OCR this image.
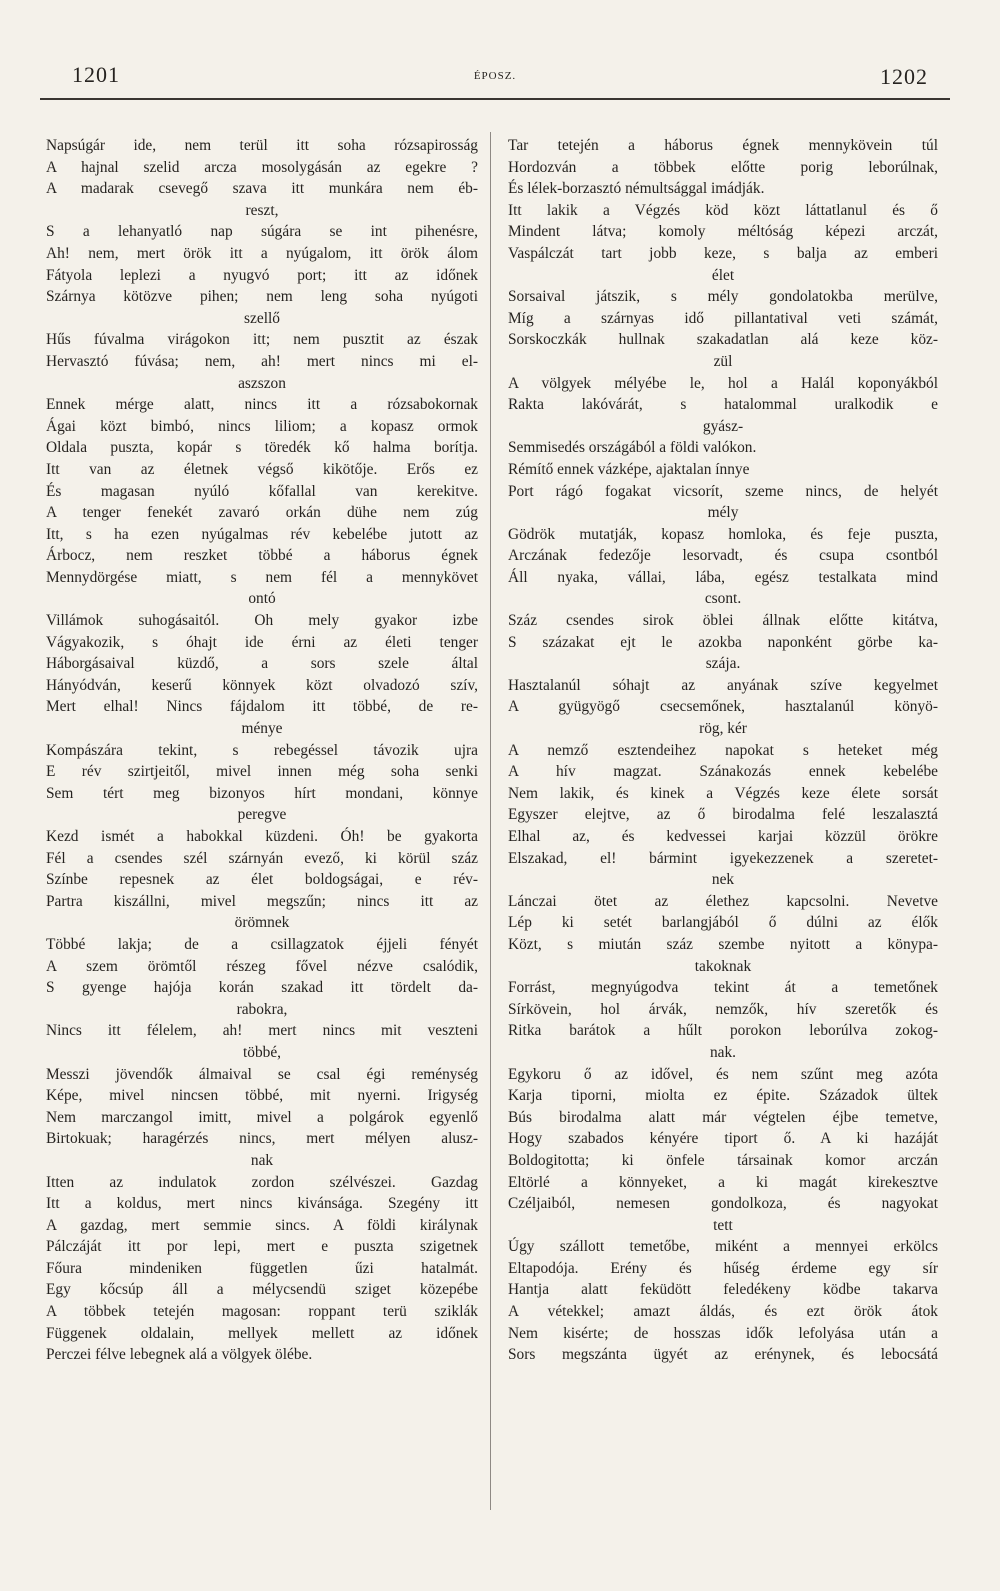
1201	ÉPOSZ.	1202
Napsúgár ide, nem terül itt soha rózsapirosság
A hajnal szelid arcza mosolygásán az egekre ?
A madarak csevegő szava itt munkára nem éb-
reszt,
S a lehanyatló nap súgára se int pihenésre,
Ah! nem, mert örök itt a nyúgalom, itt örök álom
Fátyola leplezi a nyugvó port; itt az időnek
Szárnya kötözve pihen; nem leng soha nyúgoti
szellő
Hűs fúvalma virágokon itt; nem pusztit az észak
Hervasztó fúvása; nem, ah! mert nincs mi el-
aszszon
Ennek mérge alatt, nincs itt a rózsabokornak
Ágai közt bimbó, nincs liliom; a kopasz ormok
Oldala puszta, kopár s töredék kő halma borítja.
Itt van az életnek végső kikötője. Erős ez
És magasan nyúló kőfallal van kerekitve.
A tenger fenekét zavaró orkán dühe nem zúg
Itt, s ha ezen nyúgalmas rév kebelébe jutott az
Árbocz, nem reszket többé a háborus égnek
Mennydörgése miatt, s nem fél a mennykövet
ontó
Villámok suhogásaitól. Oh mely gyakor izbe
Vágyakozik, s óhajt ide érni az életi tenger
Háborgásaival küzdő, a sors szele által
Hányódván, keserű könnyek közt olvadozó szív,
Mert elhal! Nincs fájdalom itt többé, de re-
ménye
Kompászára tekint, s rebegéssel távozik ujra
E rév szirtjeitől, mivel innen még soha senki
Sem tért meg bizonyos hírt mondani, könnye
peregve
Kezd ismét a habokkal küzdeni. Óh! be gyakorta
Fél a csendes szél szárnyán evező, ki körül száz
Színbe repesnek az élet boldogságai, e rév-
Partra kiszállni, mivel megszűn; nincs itt az
örömnek
Többé lakja; de a csillagzatok éjjeli fényét
A szem örömtől részeg fővel nézve csalódik,
S gyenge hajója korán szakad itt tördelt da-
rabokra,
Nincs itt félelem, ah! mert nincs mit veszteni
többé,
Messzi jövendők álmaival se csal égi reménység
Képe, mivel nincsen többé, mit nyerni. Irigység
Nem marczangol imitt, mivel a polgárok egyenlő
Birtokuak; haragérzés nincs, mert mélyen alusz-
nak
Itten az indulatok zordon szélvészei. Gazdag
Itt a koldus, mert nincs kivánsága. Szegény itt
A gazdag, mert semmie sincs. A földi királynak
Pálczáját itt por lepi, mert e puszta szigetnek
Főura mindeniken független űzi hatalmát.
Egy kőcsúp áll a mélycsendü sziget közepébe
A többek tetején magosan: roppant terü sziklák
Függenek oldalain, mellyek mellett az időnek
Perczei félve lebegnek alá a völgyek ölébe.
Tar tetején a háborus égnek mennykövein túl
Hordozván a többek előtte porig leborúlnak,
És lélek-borzasztó némultsággal imádják.
Itt lakik a Végzés köd közt láttatlanul és ő
Mindent látva; komoly méltóság képezi arczát,
Vaspálczát tart jobb keze, s balja az emberi
élet
Sorsaival játszik, s mély gondolatokba merülve,
Míg a szárnyas idő pillantatival veti számát,
Sorskoczkák hullnak szakadatlan alá keze köz-
zül
A völgyek mélyébe le, hol a Halál koponyákból
Rakta lakóvárát, s hatalommal uralkodik e
gyász-
Semmisedés országából a földi valókon.
Rémítő ennek vázképe, ajaktalan ínnye
Port rágó fogakat vicsorít, szeme nincs, de helyét
mély
Gödrök mutatják, kopasz homloka, és feje puszta,
Arczának fedezője lesorvadt, és csupa csontból
Áll nyaka, vállai, lába, egész testalkata mind
csont.
Száz csendes sirok öblei állnak előtte kitátva,
S százakat ejt le azokba naponként görbe ka-
szája.
Hasztalanúl sóhajt az anyának szíve kegyelmet
A gyügyögő csecsemőnek, hasztalanúl könyö-
rög, kér
A nemző esztendeihez napokat s heteket még
A hív magzat. Szánakozás ennek kebelébe
Nem lakik, és kinek a Végzés keze élete sorsát
Egyszer elejtve, az ő birodalma felé leszalasztá
Elhal az, és kedvessei karjai közzül örökre
Elszakad, el! bármint igyekezzenek a szeretet-
nek
Lánczai ötet az élethez kapcsolni. Nevetve
Lép ki setét barlangjából ő dúlni az élők
Közt, s miután száz szembe nyitott a könypa-
takoknak
Forrást, megnyúgodva tekint át a temetőnek
Sírkövein, hol árvák, nemzők, hív szeretők és
Ritka barátok a hűlt porokon leborúlva zokog-
nak.
Egykoru ő az idővel, és nem szűnt meg azóta
Karja tiporni, miolta ez épite. Századok ültek
Bús birodalma alatt már végtelen éjbe temetve,
Hogy szabados kényére tiport ő. A ki hazáját
Boldogitotta; ki önfele társainak komor arczán
Eltörlé a könnyeket, a ki magát kirekesztve
Czéljaiból, nemesen gondolkoza, és nagyokat
tett
Úgy szállott temetőbe, miként a mennyei erkölcs
Eltapodója. Erény és hűség érdeme egy sír
Hantja alatt feküdött feledékeny ködbe takarva
A vétekkel; amazt áldás, és ezt örök átok
Nem kisérte; de hosszas idők lefolyása után a
Sors megszánta ügyét az erénynek, és lebocsátá
